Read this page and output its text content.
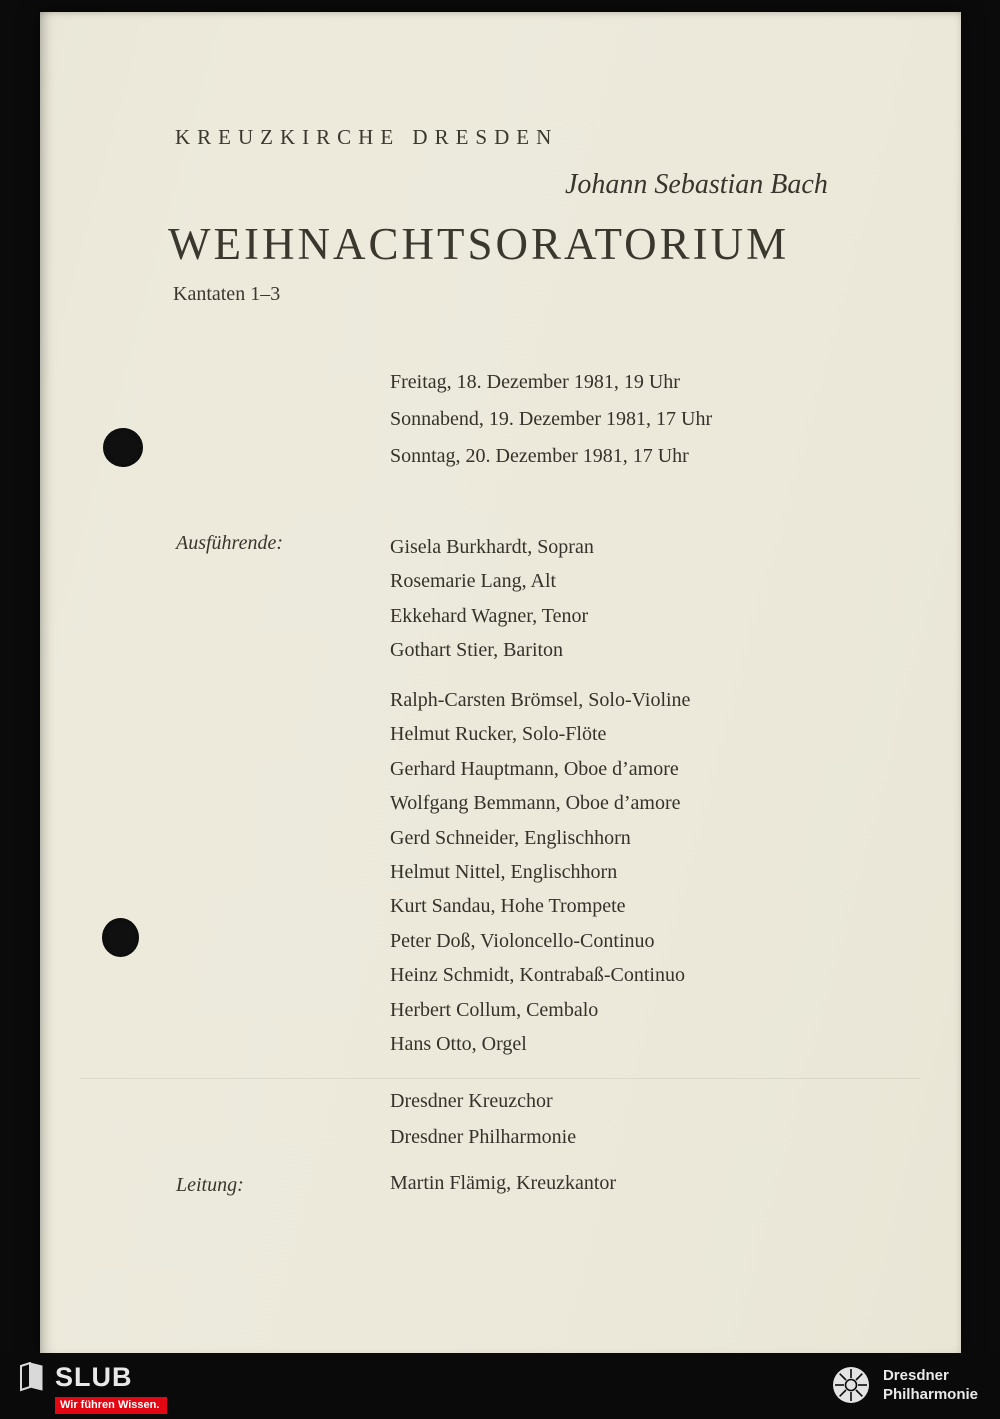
KREUZKIRCHE DRESDEN
Johann Sebastian Bach
WEIHNACHTSORATORIUM
Kantaten 1–3
Freitag, 18. Dezember 1981, 19 Uhr
Sonnabend, 19. Dezember 1981, 17 Uhr
Sonntag, 20. Dezember 1981, 17 Uhr
Ausführende:	Gisela Burkhardt, Sopran
Rosemarie Lang, Alt
Ekkehard Wagner, Tenor
Gothart Stier, Bariton
Ralph-Carsten Brömsel, Solo-Violine
Helmut Rucker, Solo-Flöte
Gerhard Hauptmann, Oboe d’amore
Wolfgang Bemmann, Oboe d’amore
Gerd Schneider, Englischhorn
Helmut Nittel, Englischhorn
Kurt Sandau, Hohe Trompete
Peter Doß, Violoncello-Continuo
Heinz Schmidt, Kontrabaß-Continuo
Herbert Collum, Cembalo
Hans Otto, Orgel
Dresdner Kreuzchor
Dresdner Philharmonie
Leitung:	Martin Flämig, Kreuzkantor
SLUB
Wir führen Wissen.
Dresdner
Philharmonie
